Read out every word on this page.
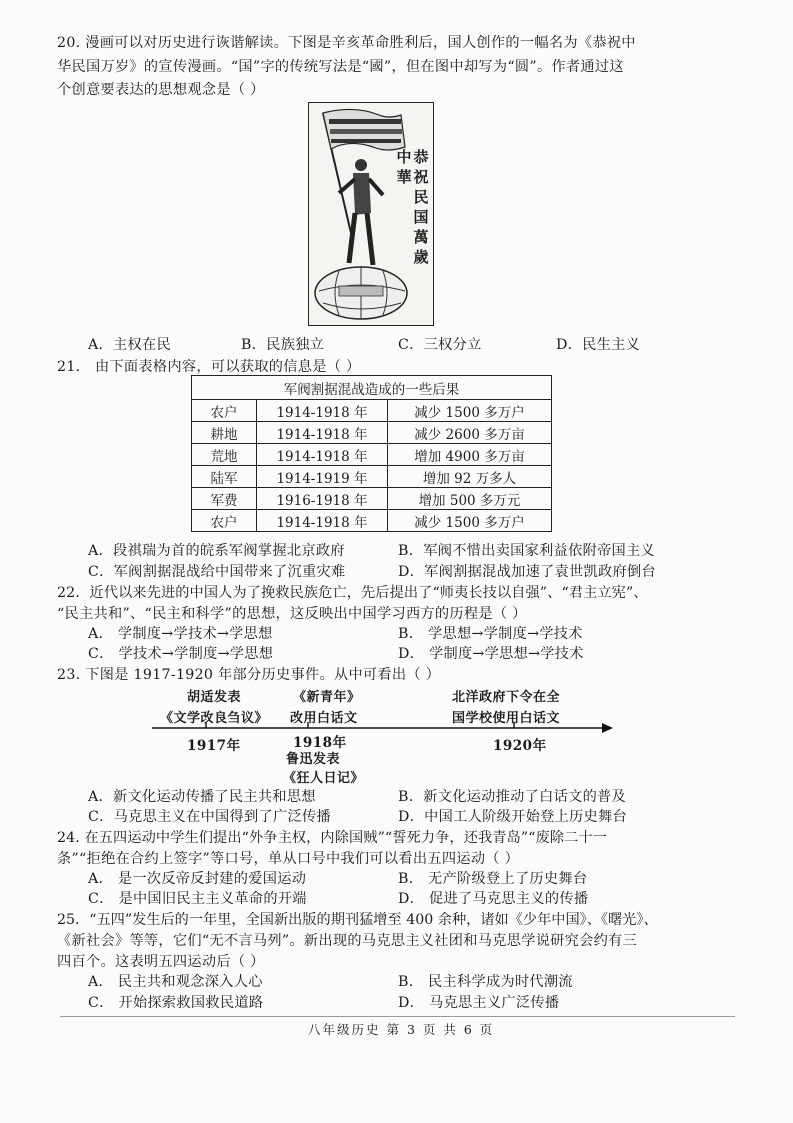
20. 漫画可以对历史进行诙谐解读。下图是辛亥革命胜利后，国人创作的一幅名为《恭祝中
华民国万岁》的宣传漫画。“国”字的传统写法是“國”，但在图中却写为“圆”。作者通过这
个创意要表达的思想观念是（ ）
恭祝民国萬歲
中華
A．主权在民	B．民族独立	C．三权分立	D．民生主义
21． 由下面表格内容，可以获取的信息是（ ）
军阀割据混战造成的一些后果		
农户	1914-1918 年	减少 1500 多万户
耕地	1914-1918 年	减少 2600 多万亩
荒地	1914-1918 年	增加 4900 多万亩
陆军	1914-1919 年	增加 92 万多人
军费	1916-1918 年	增加 500 多万元
农户	1914-1918 年	减少 1500 多万户
A．段祺瑞为首的皖系军阀掌握北京政府	B．军阀不惜出卖国家利益依附帝国主义
C．军阀割据混战给中国带来了沉重灾难	D．军阀割据混战加速了袁世凯政府倒台
22．近代以来先进的中国人为了挽救民族危亡，先后提出了“师夷长技以自强”、“君主立宪”、
“民主共和”、“民主和科学”的思想，这反映出中国学习西方的历程是（ ）
A． 学制度→学技术→学思想	B． 学思想→学制度→学技术
C． 学技术→学制度→学思想	D． 学制度→学思想→学技术
23. 下图是 1917-1920 年部分历史事件。从中可看出（ ）
胡适发表
《文学改良刍议》
《新青年》
改用白话文
北洋政府下令在全
国学校使用白话文
1917年	1918年	1920年
鲁迅发表
《狂人日记》
A．新文化运动传播了民主共和思想	B．新文化运动推动了白话文的普及
C．马克思主义在中国得到了广泛传播	D．中国工人阶级开始登上历史舞台
24. 在五四运动中学生们提出“外争主权，内除国贼”“誓死力争，还我青岛”“废除二十一
条”“拒绝在合约上签字”等口号，单从口号中我们可以看出五四运动（ ）
A． 是一次反帝反封建的爱国运动	B． 无产阶级登上了历史舞台
C． 是中国旧民主主义革命的开端	D． 促进了马克思主义的传播
25．“五四”发生后的一年里，全国新出版的期刊猛增至 400 余种，诸如《少年中国》、《曙光》、
《新社会》等等，它们“无不言马列”。新出现的马克思主义社团和马克思学说研究会约有三
四百个。这表明五四运动后（ ）
A． 民主共和观念深入人心	B． 民主科学成为时代潮流
C． 开始探索救国救民道路	D． 马克思主义广泛传播
八年级历史 第 3 页 共 6 页
